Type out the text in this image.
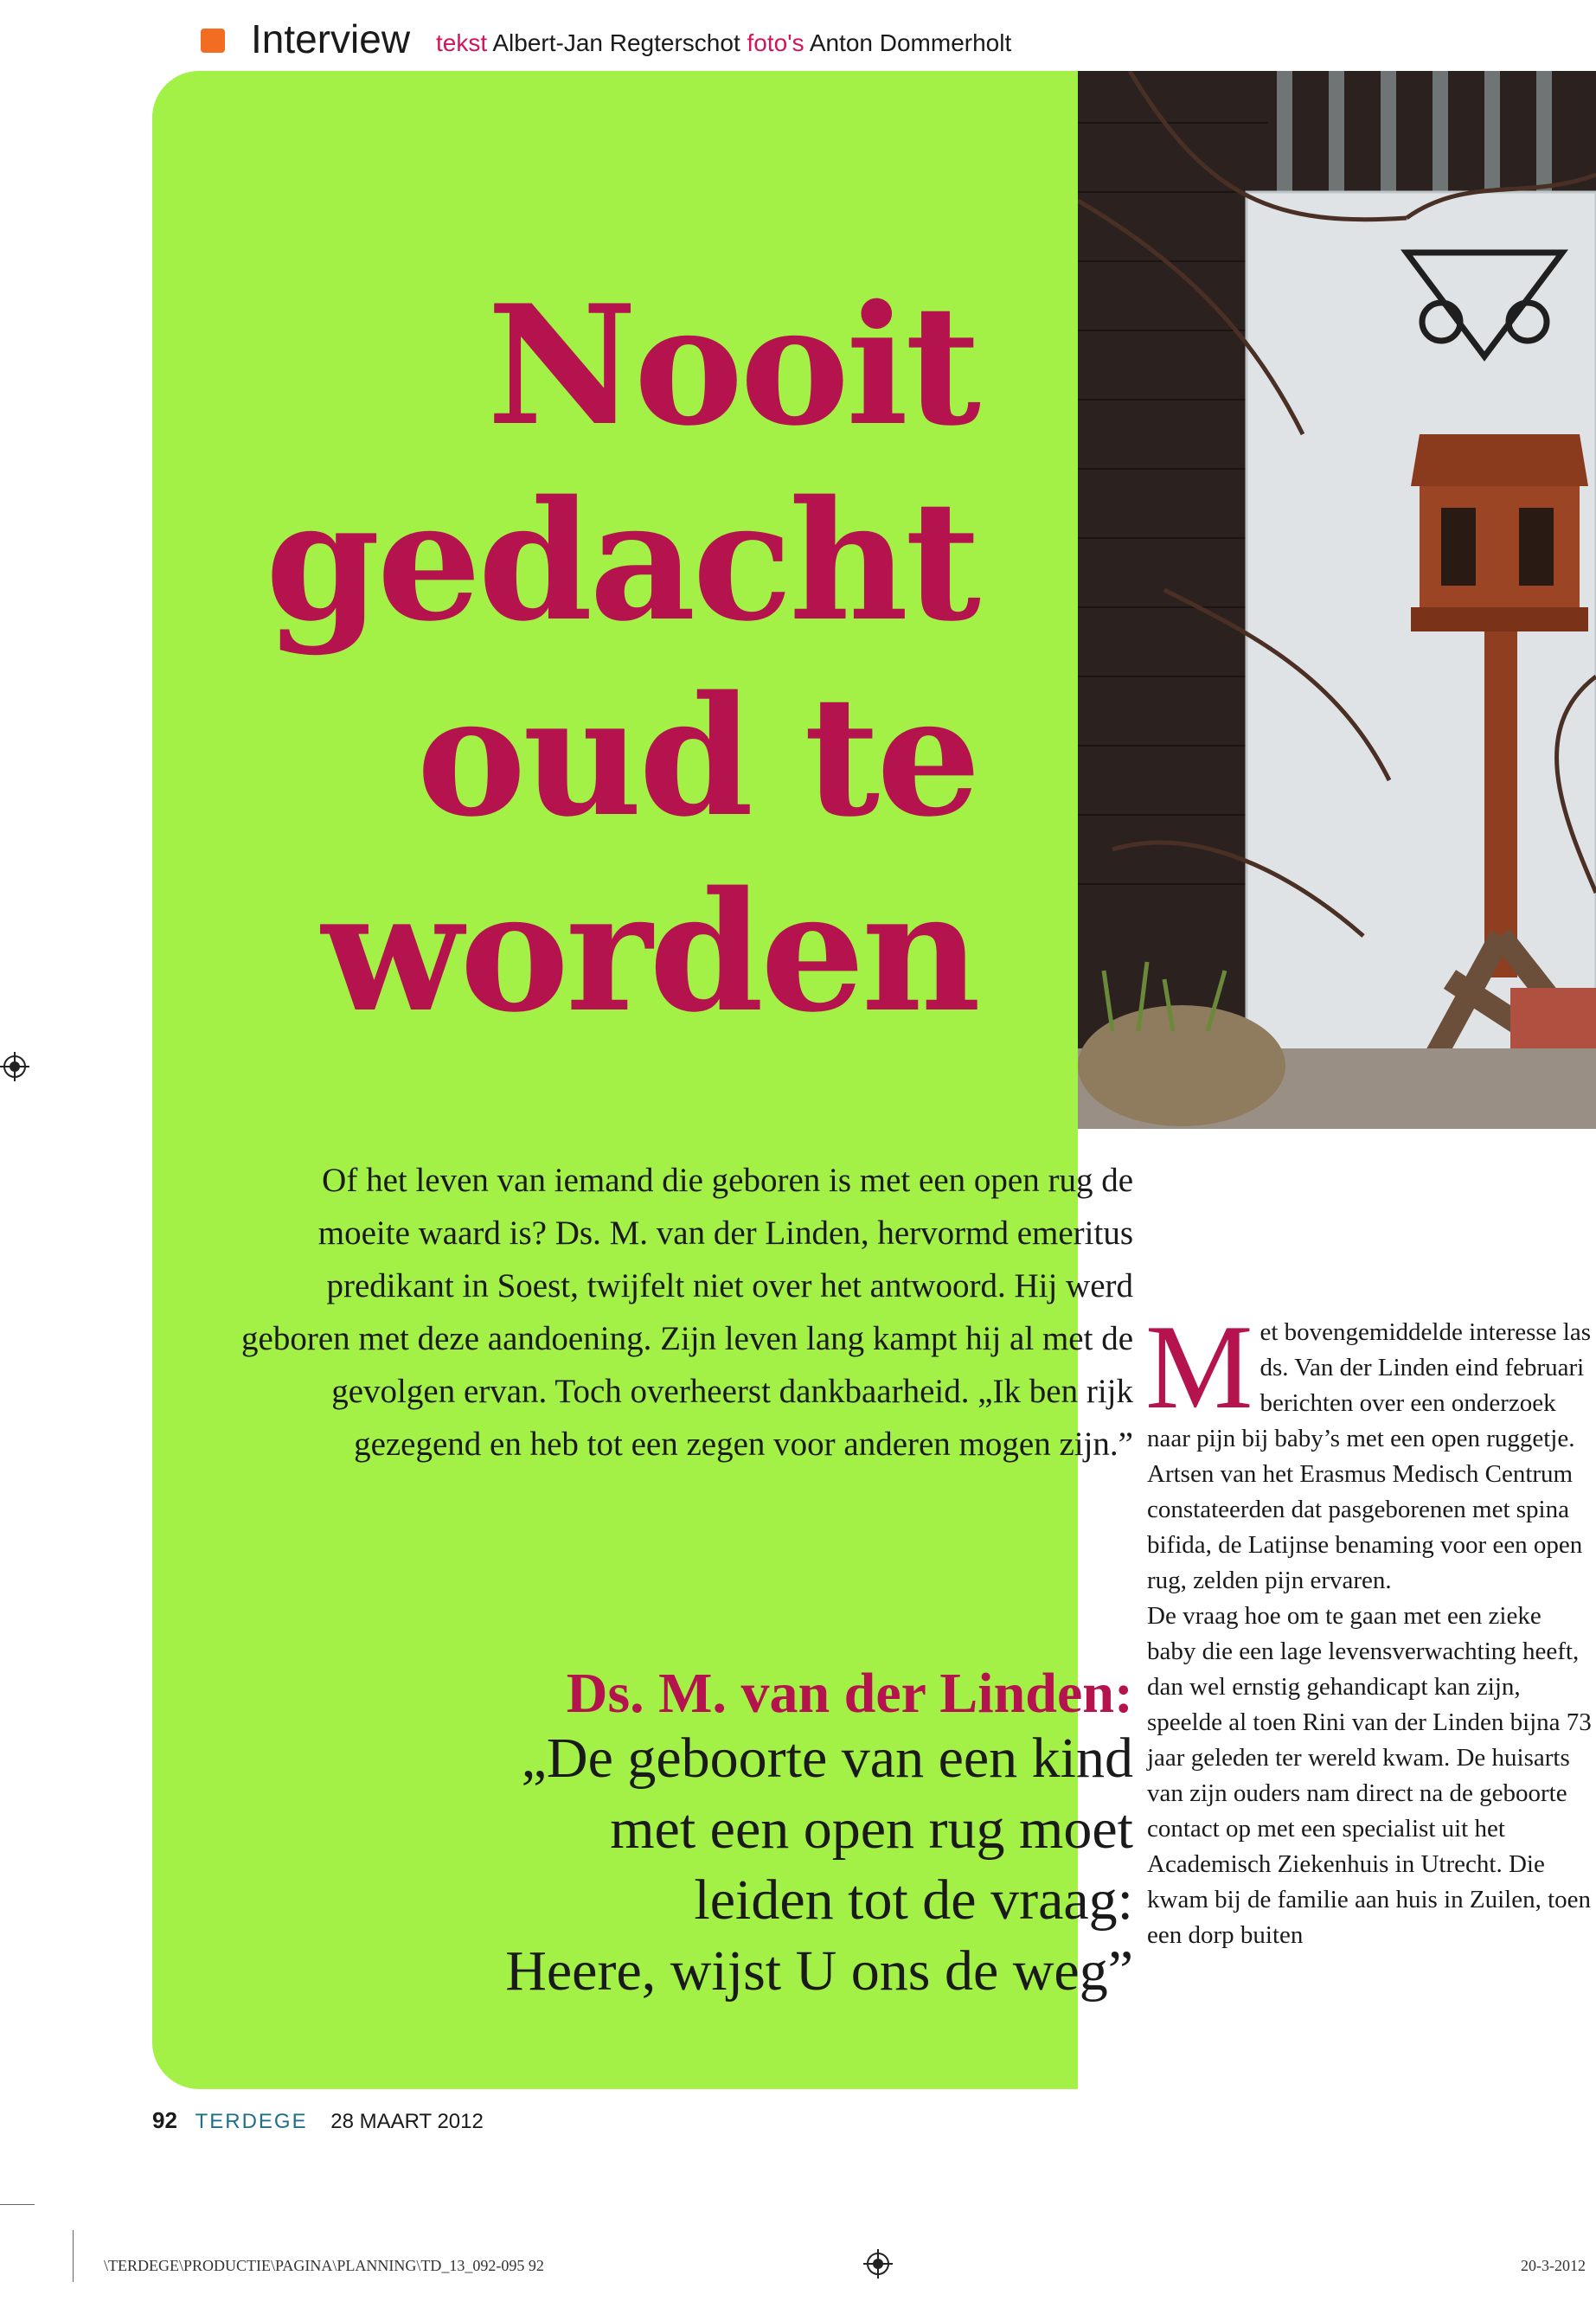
Interview tekst Albert-Jan Regterschot foto's Anton Dommerholt
Nooit
gedacht
oud te
worden

Of het leven van iemand die geboren is met een open rug de moeite waard is? Ds. M. van der Linden, hervormd emeritus predikant in Soest, twijfelt niet over het antwoord. Hij werd geboren met deze aandoening. Zijn leven lang kampt hij al met de gevolgen ervan. Toch overheerst dankbaarheid. „Ik ben rijk gezegend en heb tot een zegen voor anderen mogen zijn.”

Ds. M. van der Linden:

„De geboorte van een kind
met een open rug moet
leiden tot de vraag:
Heere, wijst U ons de weg”

M et bovengemiddelde interesse las ds. Van der Linden eind februari berichten over een onderzoek naar pijn bij baby’s met een open ruggetje. Artsen van het Erasmus Medisch Centrum constateerden dat pasgeborenen met spina bifida, de Latijnse benaming voor een open rug, zelden pijn ervaren.

De vraag hoe om te gaan met een zieke baby die een lage levensverwachting heeft, dan wel ernstig gehandicapt kan zijn, speelde al toen Rini van der Linden bijna 73 jaar geleden ter wereld kwam. De huisarts van zijn ouders nam direct na de geboorte contact op met een specialist uit het Academisch Ziekenhuis in Utrecht. Die kwam bij de familie aan huis in Zuilen, toen een dorp buiten

92 TERDEGE 28 MAART 2012
\TERDEGE\PRODUCTIE\PAGINA\PLANNING\TD_13_092-095 92	20-3-2012
